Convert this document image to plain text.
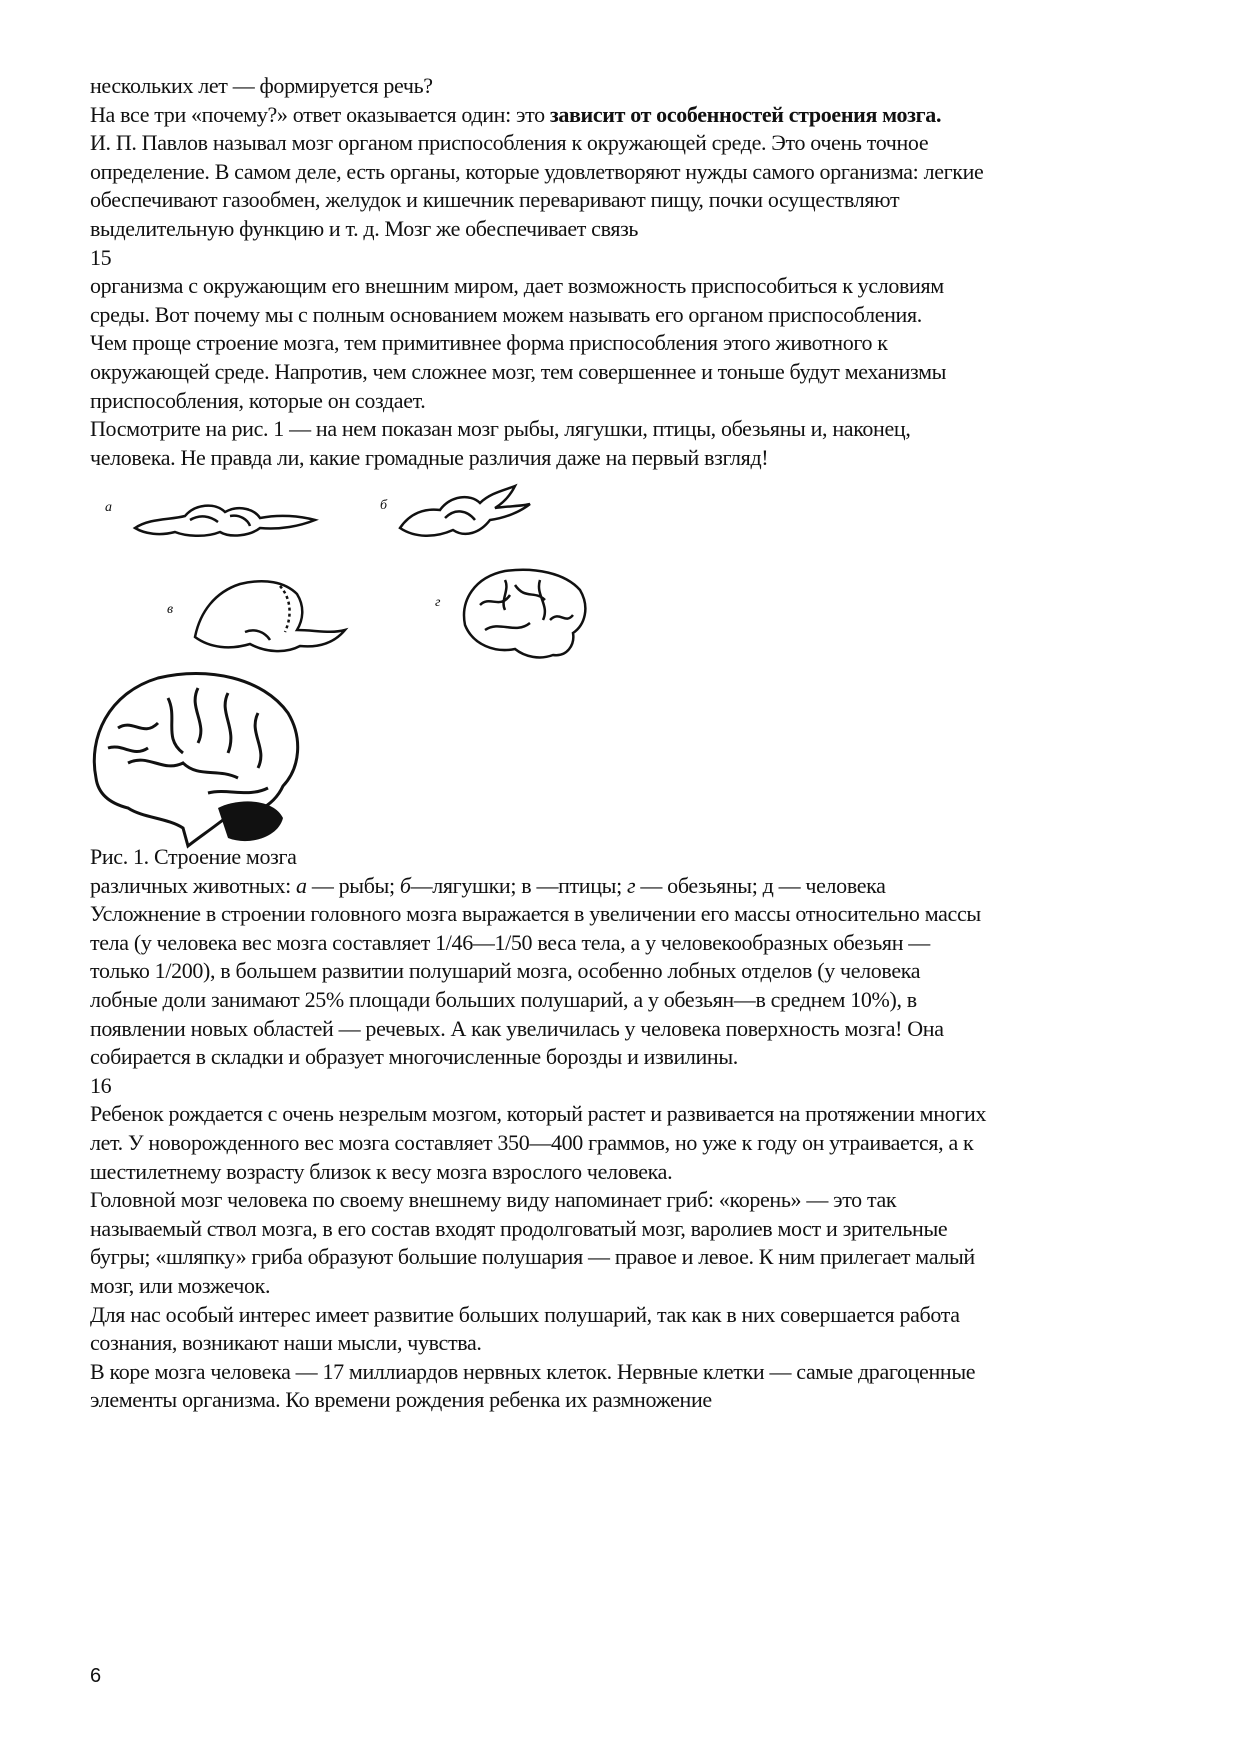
нескольких лет — формируется речь?
На все три «почему?» ответ оказывается один: это зависит от особенностей строения мозга.
И. П. Павлов называл мозг органом приспособления к окружающей среде. Это очень точное
определение. В самом деле, есть органы, которые удовлетворяют нужды самого организма: легкие
обеспечивают газообмен, желудок и кишечник переваривают пищу, почки осуществляют
выделительную функцию и т. д. Мозг же обеспечивает связь
15
организма с окружающим его внешним миром, дает возможность приспособиться к условиям
среды. Вот почему мы с полным основанием можем называть его органом приспособления.
Чем проще строение мозга, тем примитивнее форма приспособления этого животного к
окружающей среде. Напротив, чем сложнее мозг, тем совершеннее и тоньше будут механизмы
приспособления, которые он создает.
Посмотрите на рис. 1 — на нем показан мозг рыбы, лягушки, птицы, обезьяны и, наконец,
человека. Не правда ли, какие громадные различия даже на первый взгляд!
а	б
в	г
Рис. 1. Строение мозга
различных животных: а — рыбы; б—лягушки; в —птицы; г — обезьяны; д — человека
Усложнение в строении головного мозга выражается в увеличении его массы относительно массы
тела (у человека вес мозга составляет 1/46—1/50 веса тела, а у человекообразных обезьян —
только 1/200), в большем развитии полушарий мозга, особенно лобных отделов (у человека
лобные доли занимают 25% площади больших полушарий, а у обезьян—в среднем 10%), в
появлении новых областей — речевых. А как увеличилась у человека поверхность мозга! Она
собирается в складки и образует многочисленные борозды и извилины.
16
Ребенок рождается с очень незрелым мозгом, который растет и развивается на протяжении многих
лет. У новорожденного вес мозга составляет 350—400 граммов, но уже к году он утраивается, а к
шестилетнему возрасту близок к весу мозга взрослого человека.
Головной мозг человека по своему внешнему виду напоминает гриб: «корень» — это так
называемый ствол мозга, в его состав входят продолговатый мозг, варолиев мост и зрительные
бугры; «шляпку» гриба образуют большие полушария — правое и левое. К ним прилегает малый
мозг, или мозжечок.
Для нас особый интерес имеет развитие больших полушарий, так как в них совершается работа
сознания, возникают наши мысли, чувства.
В коре мозга человека — 17 миллиардов нервных клеток. Нервные клетки — самые драгоценные
элементы организма. Ко времени рождения ребенка их размножение
6
